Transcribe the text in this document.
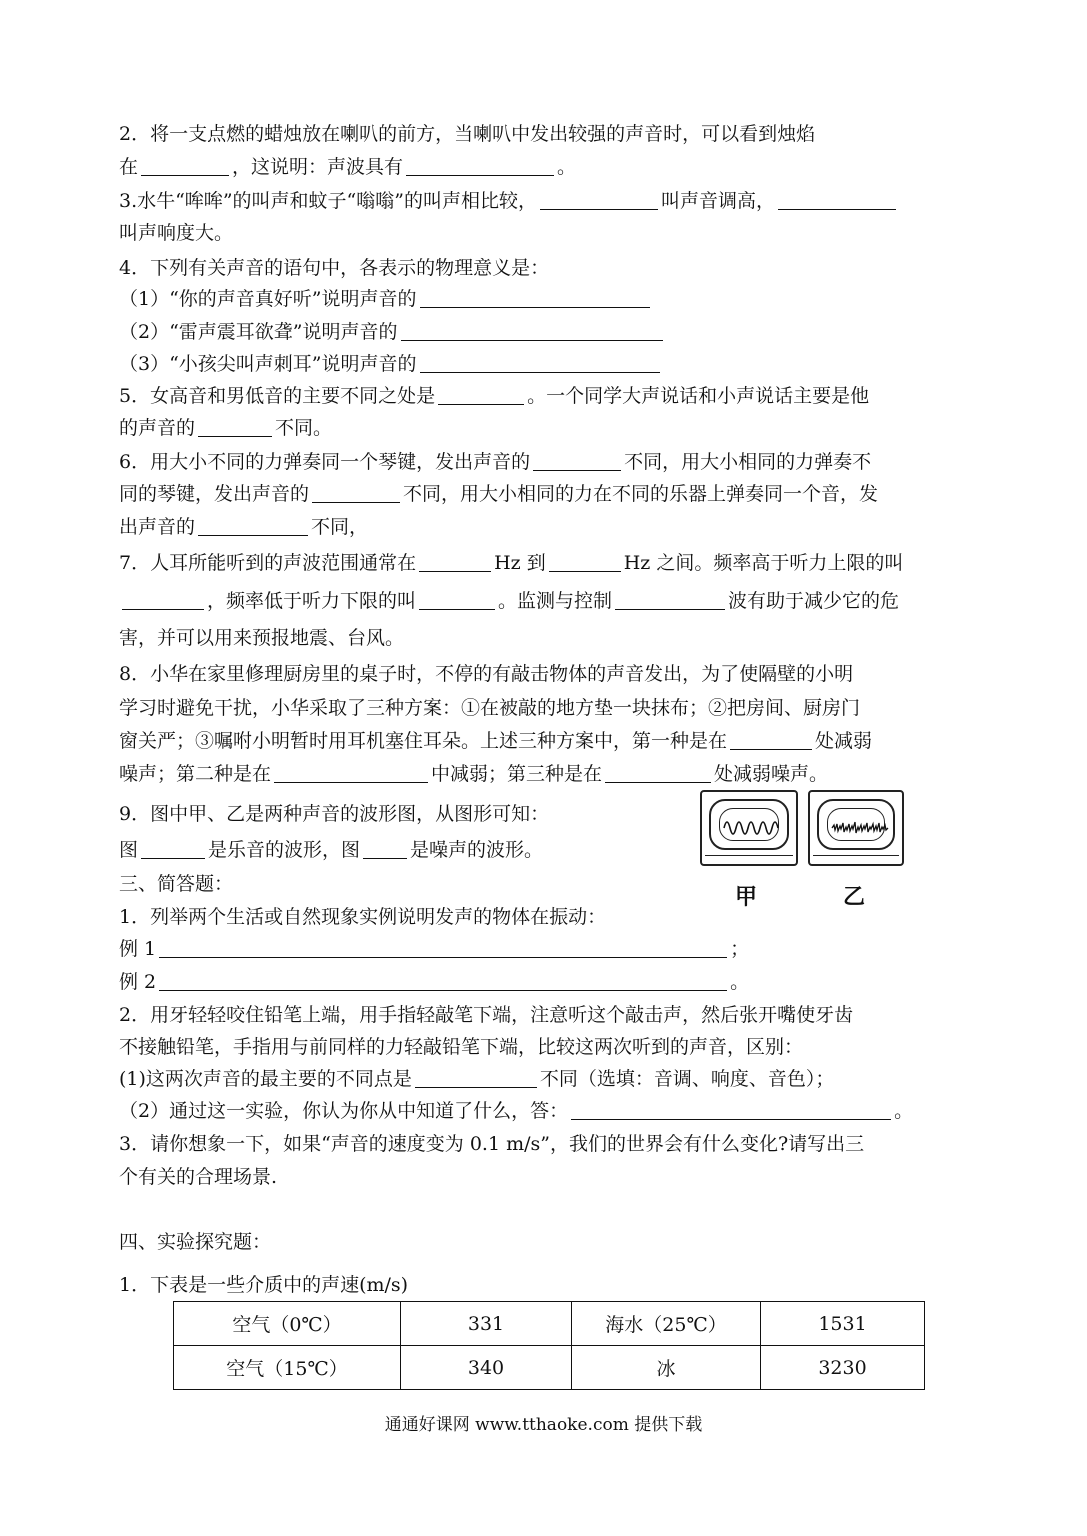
2．将一支点燃的蜡烛放在喇叭的前方，当喇叭中发出较强的声音时，可以看到烛焰
在	，这说明：声波具有	。
3.水牛“哞哞”的叫声和蚊子“嗡嗡”的叫声相比较，	叫声音调高，
叫声响度大。
4．下列有关声音的语句中，各表示的物理意义是：
（1）“你的声音真好听”说明声音的
（2）“雷声震耳欲聋”说明声音的
（3）“小孩尖叫声刺耳”说明声音的
5．女高音和男低音的主要不同之处是	。一个同学大声说话和小声说话主要是他
的声音的	不同。
6．用大小不同的力弹奏同一个琴键，发出声音的	不同，用大小相同的力弹奏不
同的琴键，发出声音的	不同，用大小相同的力在不同的乐器上弹奏同一个音，发
出声音的	不同，
7．人耳所能听到的声波范围通常在	Hz 到	Hz 之间。频率高于听力上限的叫
，频率低于听力下限的叫	。监测与控制	波有助于减少它的危
害，并可以用来预报地震、台风。
8．小华在家里修理厨房里的桌子时，不停的有敲击物体的声音发出，为了使隔壁的小明
学习时避免干扰，小华采取了三种方案：①在被敲的地方垫一块抹布；②把房间、厨房门
窗关严；③嘱咐小明暂时用耳机塞住耳朵。上述三种方案中，第一种是在	处减弱
噪声；第二种是在	中减弱；第三种是在	处减弱噪声。
9．图中甲、乙是两种声音的波形图，从图形可知：
图	是乐音的波形，图	是噪声的波形。
三、简答题：
1．列举两个生活或自然现象实例说明发声的物体在振动：
例 1	；
例 2	。
2．用牙轻轻咬住铅笔上端，用手指轻敲笔下端，注意听这个敲击声，然后张开嘴使牙齿
不接触铅笔，手指用与前同样的力轻敲铅笔下端，比较这两次听到的声音，区别：
(1)这两次声音的最主要的不同点是	不同（选填：音调、响度、音色）；
（2）通过这一实验，你认为你从中知道了什么，答：	。
3．请你想象一下，如果“声音的速度变为 0.1 m/s”，我们的世界会有什么变化?请写出三
个有关的合理场景.
四、实验探究题：
1．下表是一些介质中的声速(m/s)
甲	乙
空气（0℃）	331	海水（25℃）	1531
空气（15℃）	340	冰	3230
通通好课网 www.tthaoke.com 提供下载
